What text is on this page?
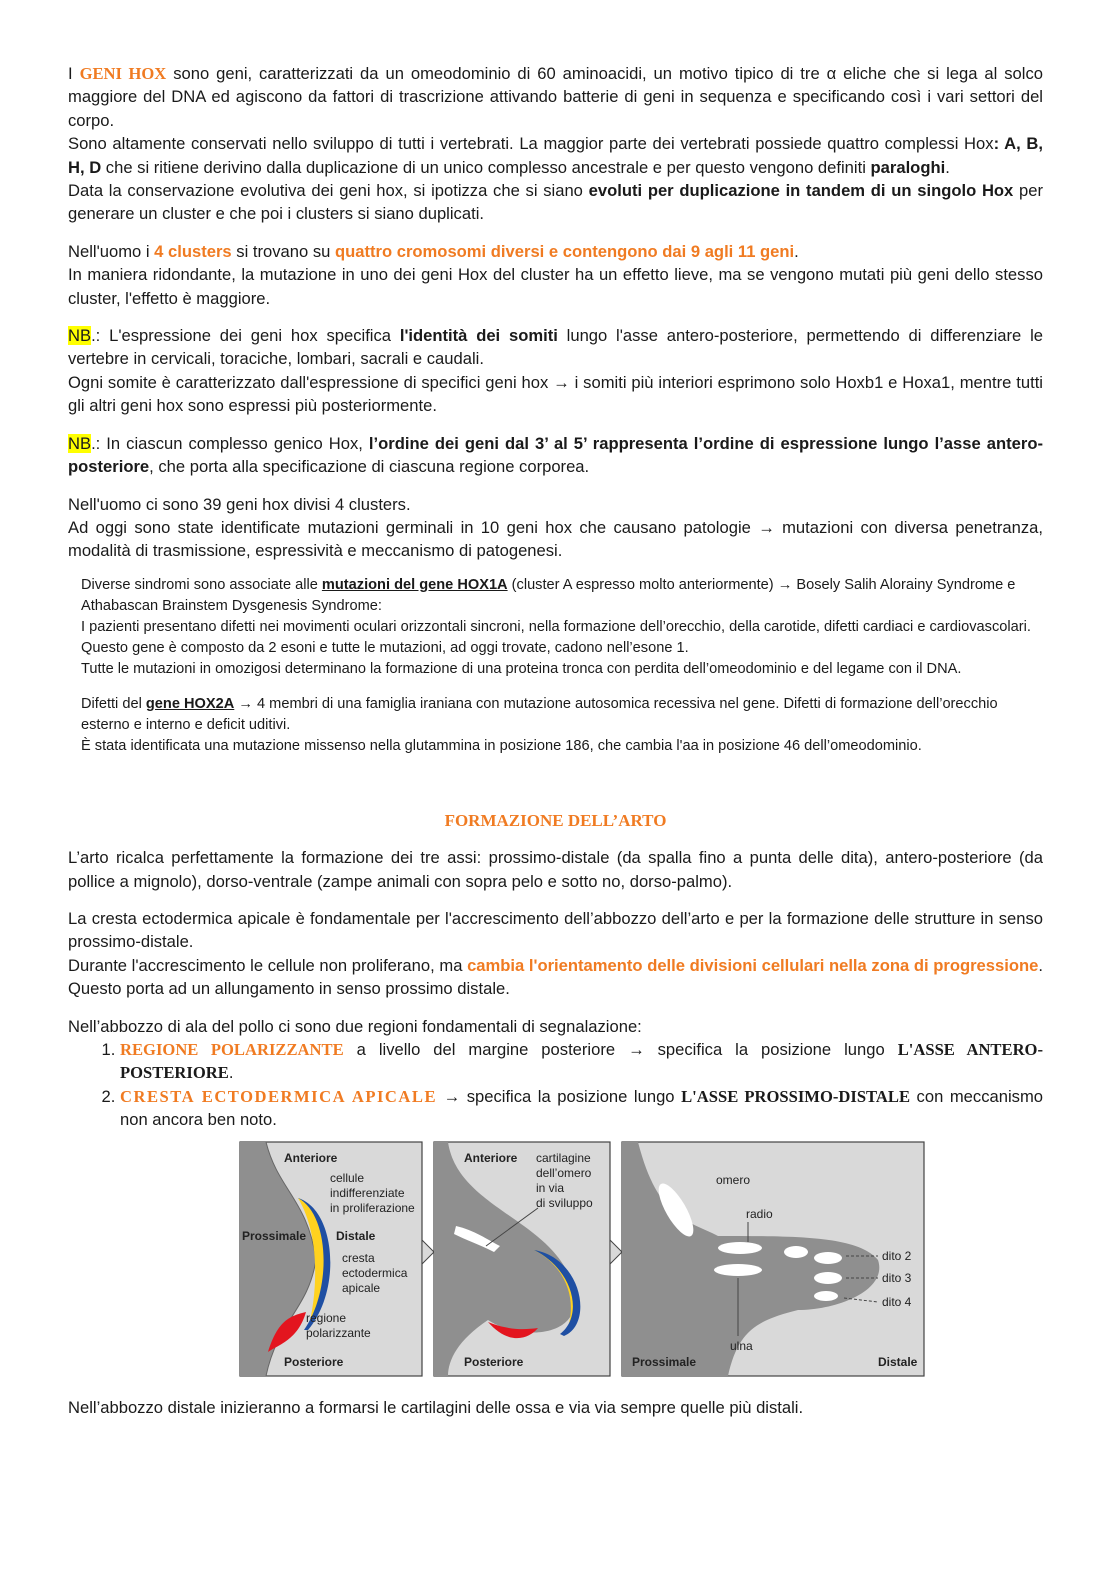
I GENI HOX sono geni, caratterizzati da un omeodominio di 60 aminoacidi, un motivo tipico di tre α eliche che si lega al solco maggiore del DNA ed agiscono da fattori di trascrizione attivando batterie di geni in sequenza e specificando così i vari settori del corpo.

Sono altamente conservati nello sviluppo di tutti i vertebrati. La maggior parte dei vertebrati possiede quattro complessi Hox: A, B, H, D che si ritiene derivino dalla duplicazione di un unico complesso ancestrale e per questo vengono definiti paraloghi.

Data la conservazione evolutiva dei geni hox, si ipotizza che si siano evoluti per duplicazione in tandem di un singolo Hox per generare un cluster e che poi i clusters si siano duplicati.

Nell'uomo i 4 clusters si trovano su quattro cromosomi diversi e contengono dai 9 agli 11 geni.

In maniera ridondante, la mutazione in uno dei geni Hox del cluster ha un effetto lieve, ma se vengono mutati più geni dello stesso cluster, l'effetto è maggiore.

NB.: L'espressione dei geni hox specifica l'identità dei somiti lungo l'asse antero-posteriore, permettendo di differenziare le vertebre in cervicali, toraciche, lombari, sacrali e caudali.

Ogni somite è caratterizzato dall'espressione di specifici geni hox → i somiti più interiori esprimono solo Hoxb1 e Hoxa1, mentre tutti gli altri geni hox sono espressi più posteriormente.

NB.: In ciascun complesso genico Hox, l’ordine dei geni dal 3’ al 5’ rappresenta l’ordine di espressione lungo l’asse antero-posteriore, che porta alla specificazione di ciascuna regione corporea.

Nell'uomo ci sono 39 geni hox divisi 4 clusters.

Ad oggi sono state identificate mutazioni germinali in 10 geni hox che causano patologie → mutazioni con diversa penetranza, modalità di trasmissione, espressività e meccanismo di patogenesi.

Diverse sindromi sono associate alle mutazioni del gene HOX1A (cluster A espresso molto anteriormente) → Bosely Salih Alorainy Syndrome e Athabascan Brainstem Dysgenesis Syndrome:

I pazienti presentano difetti nei movimenti oculari orizzontali sincroni, nella formazione dell’orecchio, della carotide, difetti cardiaci e cardiovascolari.

Questo gene è composto da 2 esoni e tutte le mutazioni, ad oggi trovate, cadono nell’esone 1.

Tutte le mutazioni in omozigosi determinano la formazione di una proteina tronca con perdita dell’omeodominio e del legame con il DNA.

Difetti del gene HOX2A → 4 membri di una famiglia iraniana con mutazione autosomica recessiva nel gene. Difetti di formazione dell’orecchio esterno e interno e deficit uditivi.

È stata identificata una mutazione missenso nella glutammina in posizione 186, che cambia l'aa in posizione 46 dell’omeodominio.

FORMAZIONE DELL’ARTO

L’arto ricalca perfettamente la formazione dei tre assi: prossimo-distale (da spalla fino a punta delle dita), antero-posteriore (da pollice a mignolo), dorso-ventrale (zampe animali con sopra pelo e sotto no, dorso-palmo).

La cresta ectodermica apicale è fondamentale per l'accrescimento dell’abbozzo dell’arto e per la formazione delle strutture in senso prossimo-distale.

Durante l'accrescimento le cellule non proliferano, ma cambia l'orientamento delle divisioni cellulari nella zona di progressione. Questo porta ad un allungamento in senso prossimo distale.

Nell’abbozzo di ala del pollo ci sono due regioni fondamentali di segnalazione:

1. REGIONE POLARIZZANTE a livello del margine posteriore → specifica la posizione lungo L'ASSE ANTERO-POSTERIORE.
2. CRESTA ECTODERMICA APICALE → specifica la posizione lungo L'ASSE PROSSIMO-DISTALE con meccanismo non ancora ben noto.
Anteriore
cellule
indifferenziate
in proliferazione
Prossimale Distale
cresta
ectodermica
apicale
regione
polarizzante
Posteriore
Anteriore cartilagine
dell’omero
in via
di sviluppo
Posteriore
omero
radio
dito 2
dito 3
dito 4
ulna
Prossimale	Distale

Nell’abbozzo distale inizieranno a formarsi le cartilagini delle ossa e via via sempre quelle più distali.
